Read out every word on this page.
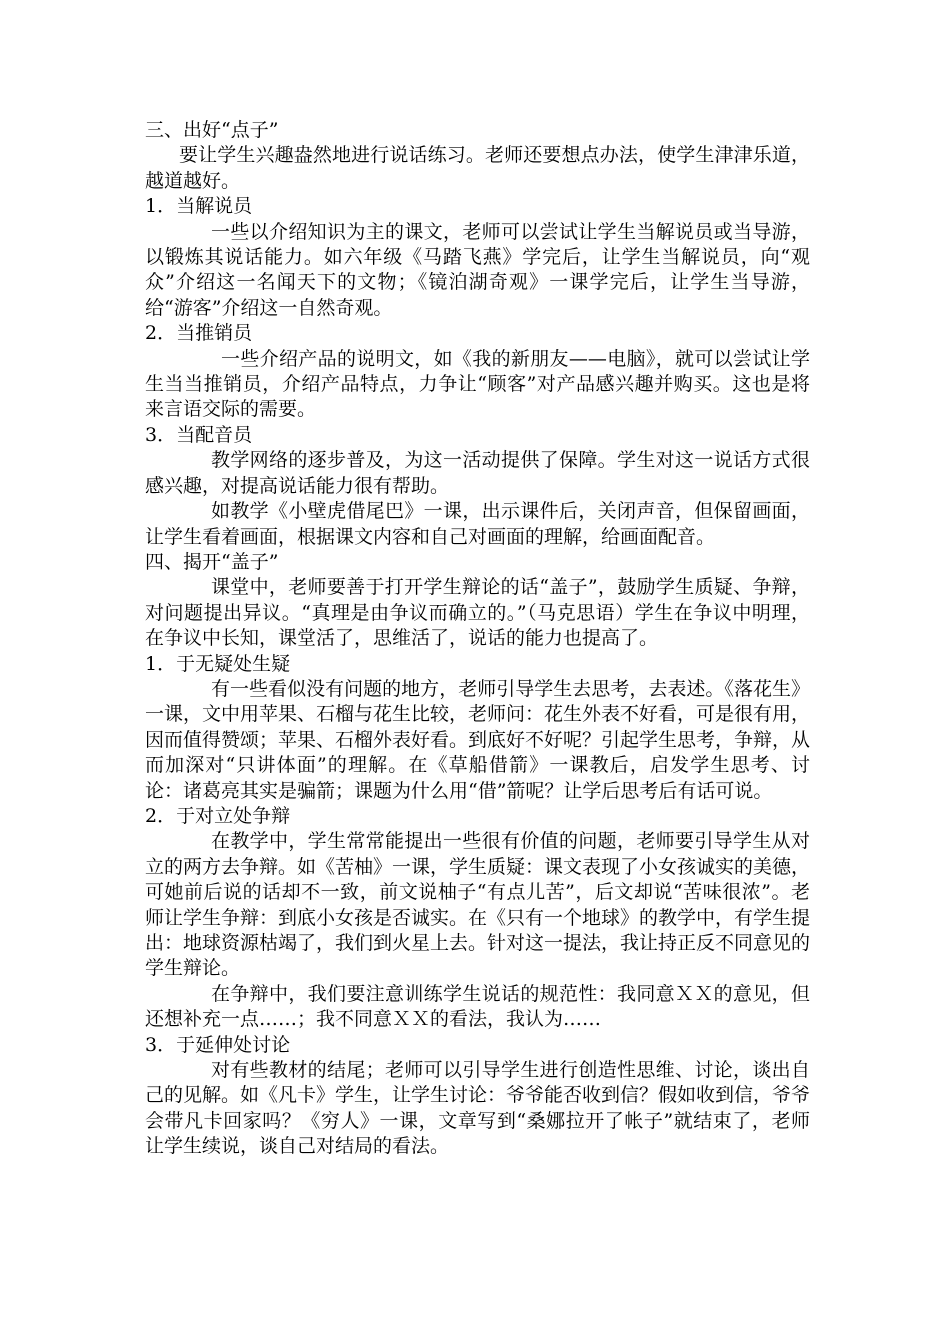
三、出好“点子”

要让学生兴趣盎然地进行说话练习。老师还要想点办法，使学生津津乐道，越道越好。

1．当解说员

一些以介绍知识为主的课文，老师可以尝试让学生当解说员或当导游，以锻炼其说话能力。如六年级《马踏飞燕》学完后，让学生当解说员，向“观众”介绍这一名闻天下的文物；《镜泊湖奇观》一课学完后，让学生当导游，给“游客”介绍这一自然奇观。

2．当推销员

一些介绍产品的说明文，如《我的新朋友——电脑》，就可以尝试让学生当当推销员，介绍产品特点，力争让“顾客”对产品感兴趣并购买。这也是将来言语交际的需要。

3．当配音员

教学网络的逐步普及，为这一活动提供了保障。学生对这一说话方式很感兴趣，对提高说话能力很有帮助。

如教学《小壁虎借尾巴》一课，出示课件后，关闭声音，但保留画面，让学生看着画面，根据课文内容和自己对画面的理解，给画面配音。

四、揭开“盖子”

课堂中，老师要善于打开学生辩论的话“盖子”，鼓励学生质疑、争辩，对问题提出异议。“真理是由争议而确立的。”（马克思语）学生在争议中明理，在争议中长知，课堂活了，思维活了，说话的能力也提高了。

1．于无疑处生疑

有一些看似没有问题的地方，老师引导学生去思考，去表述。《落花生》一课，文中用苹果、石榴与花生比较，老师问：花生外表不好看，可是很有用，因而值得赞颂；苹果、石榴外表好看。到底好不好呢？引起学生思考，争辩，从而加深对“只讲体面”的理解。在《草船借箭》一课教后，启发学生思考、讨论：诸葛亮其实是骗箭；课题为什么用“借”箭呢？让学后思考后有话可说。

2．于对立处争辩

在教学中，学生常常能提出一些很有价值的问题，老师要引导学生从对立的两方去争辩。如《苦柚》一课，学生质疑：课文表现了小女孩诚实的美德，可她前后说的话却不一致，前文说柚子“有点儿苦”，后文却说“苦味很浓”。老师让学生争辩：到底小女孩是否诚实。在《只有一个地球》的教学中，有学生提出：地球资源枯竭了，我们到火星上去。针对这一提法，我让持正反不同意见的学生辩论。

在争辩中，我们要注意训练学生说话的规范性：我同意ＸＸ的意见，但还想补充一点……；我不同意ＸＸ的看法，我认为……

3．于延伸处讨论

对有些教材的结尾；老师可以引导学生进行创造性思维、讨论，谈出自己的见解。如《凡卡》学生，让学生讨论：爷爷能否收到信？假如收到信，爷爷会带凡卡回家吗？《穷人》一课，文章写到“桑娜拉开了帐子”就结束了，老师让学生续说，谈自己对结局的看法。
